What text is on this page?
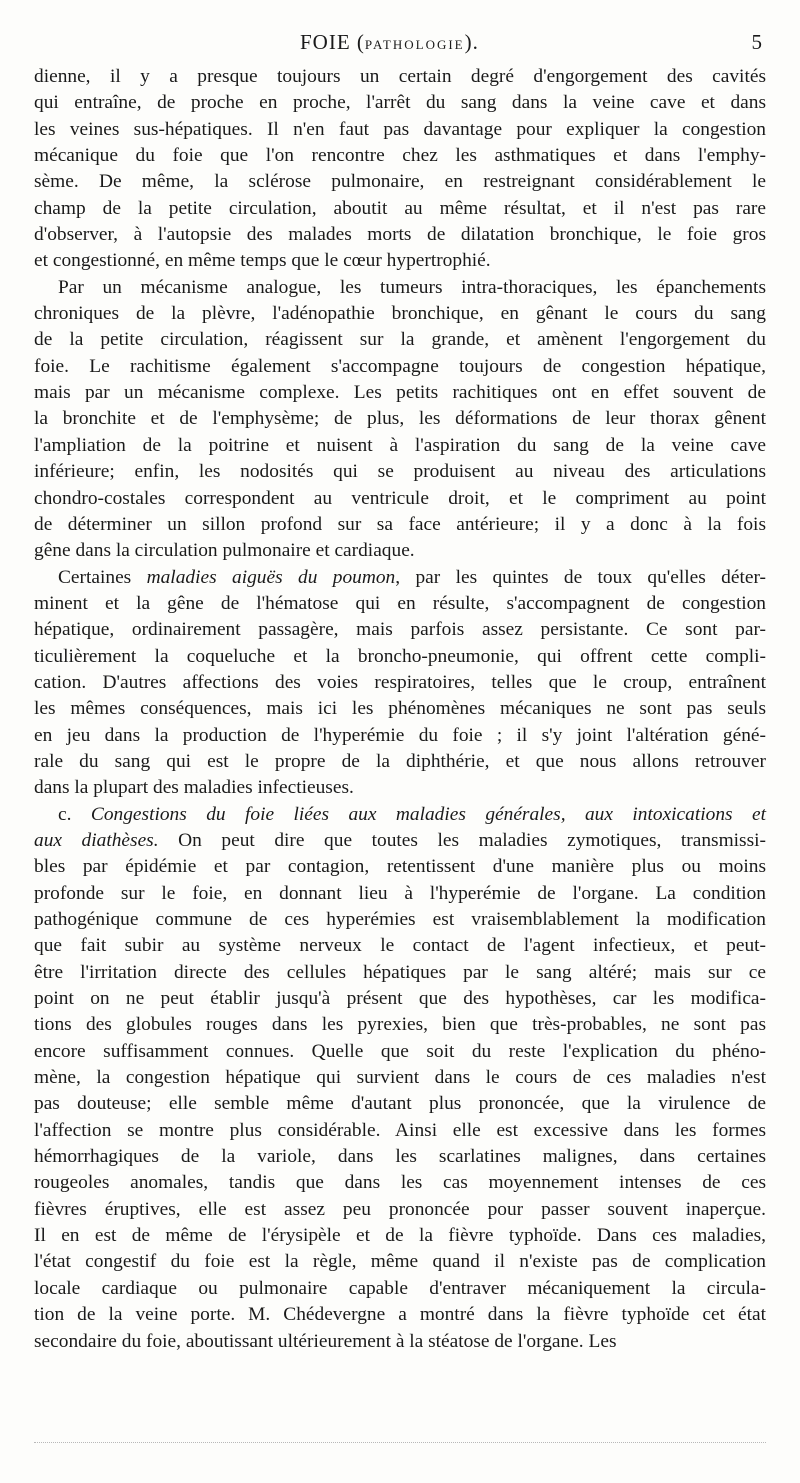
FOIE (PATHOLOGIE).	5
dienne, il y a presque toujours un certain degré d'engorgement des cavités
qui entraîne, de proche en proche, l'arrêt du sang dans la veine cave et dans
les veines sus-hépatiques. Il n'en faut pas davantage pour expliquer la congestion
mécanique du foie que l'on rencontre chez les asthmatiques et dans l'emphy-
sème. De même, la sclérose pulmonaire, en restreignant considérablement le
champ de la petite circulation, aboutit au même résultat, et il n'est pas rare
d'observer, à l'autopsie des malades morts de dilatation bronchique, le foie gros
et congestionné, en même temps que le cœur hypertrophié.
Par un mécanisme analogue, les tumeurs intra-thoraciques, les épanchements
chroniques de la plèvre, l'adénopathie bronchique, en gênant le cours du sang
de la petite circulation, réagissent sur la grande, et amènent l'engorgement du
foie. Le rachitisme également s'accompagne toujours de congestion hépatique,
mais par un mécanisme complexe. Les petits rachitiques ont en effet souvent de
la bronchite et de l'emphysème; de plus, les déformations de leur thorax gênent
l'ampliation de la poitrine et nuisent à l'aspiration du sang de la veine cave
inférieure; enfin, les nodosités qui se produisent au niveau des articulations
chondro-costales correspondent au ventricule droit, et le compriment au point
de déterminer un sillon profond sur sa face antérieure; il y a donc à la fois
gêne dans la circulation pulmonaire et cardiaque.
Certaines maladies aiguës du poumon, par les quintes de toux qu'elles déter-
minent et la gêne de l'hématose qui en résulte, s'accompagnent de congestion
hépatique, ordinairement passagère, mais parfois assez persistante. Ce sont par-
ticulièrement la coqueluche et la broncho-pneumonie, qui offrent cette compli-
cation. D'autres affections des voies respiratoires, telles que le croup, entraînent
les mêmes conséquences, mais ici les phénomènes mécaniques ne sont pas seuls
en jeu dans la production de l'hyperémie du foie ; il s'y joint l'altération géné-
rale du sang qui est le propre de la diphthérie, et que nous allons retrouver
dans la plupart des maladies infectieuses.
c. Congestions du foie liées aux maladies générales, aux intoxications et
aux diathèses. On peut dire que toutes les maladies zymotiques, transmissi-
bles par épidémie et par contagion, retentissent d'une manière plus ou moins
profonde sur le foie, en donnant lieu à l'hyperémie de l'organe. La condition
pathogénique commune de ces hyperémies est vraisemblablement la modification
que fait subir au système nerveux le contact de l'agent infectieux, et peut-
être l'irritation directe des cellules hépatiques par le sang altéré; mais sur ce
point on ne peut établir jusqu'à présent que des hypothèses, car les modifica-
tions des globules rouges dans les pyrexies, bien que très-probables, ne sont pas
encore suffisamment connues. Quelle que soit du reste l'explication du phéno-
mène, la congestion hépatique qui survient dans le cours de ces maladies n'est
pas douteuse; elle semble même d'autant plus prononcée, que la virulence de
l'affection se montre plus considérable. Ainsi elle est excessive dans les formes
hémorrhagiques de la variole, dans les scarlatines malignes, dans certaines
rougeoles anomales, tandis que dans les cas moyennement intenses de ces
fièvres éruptives, elle est assez peu prononcée pour passer souvent inaperçue.
Il en est de même de l'érysipèle et de la fièvre typhoïde. Dans ces maladies,
l'état congestif du foie est la règle, même quand il n'existe pas de complication
locale cardiaque ou pulmonaire capable d'entraver mécaniquement la circula-
tion de la veine porte. M. Chédevergne a montré dans la fièvre typhoïde cet état
secondaire du foie, aboutissant ultérieurement à la stéatose de l'organe. Les
